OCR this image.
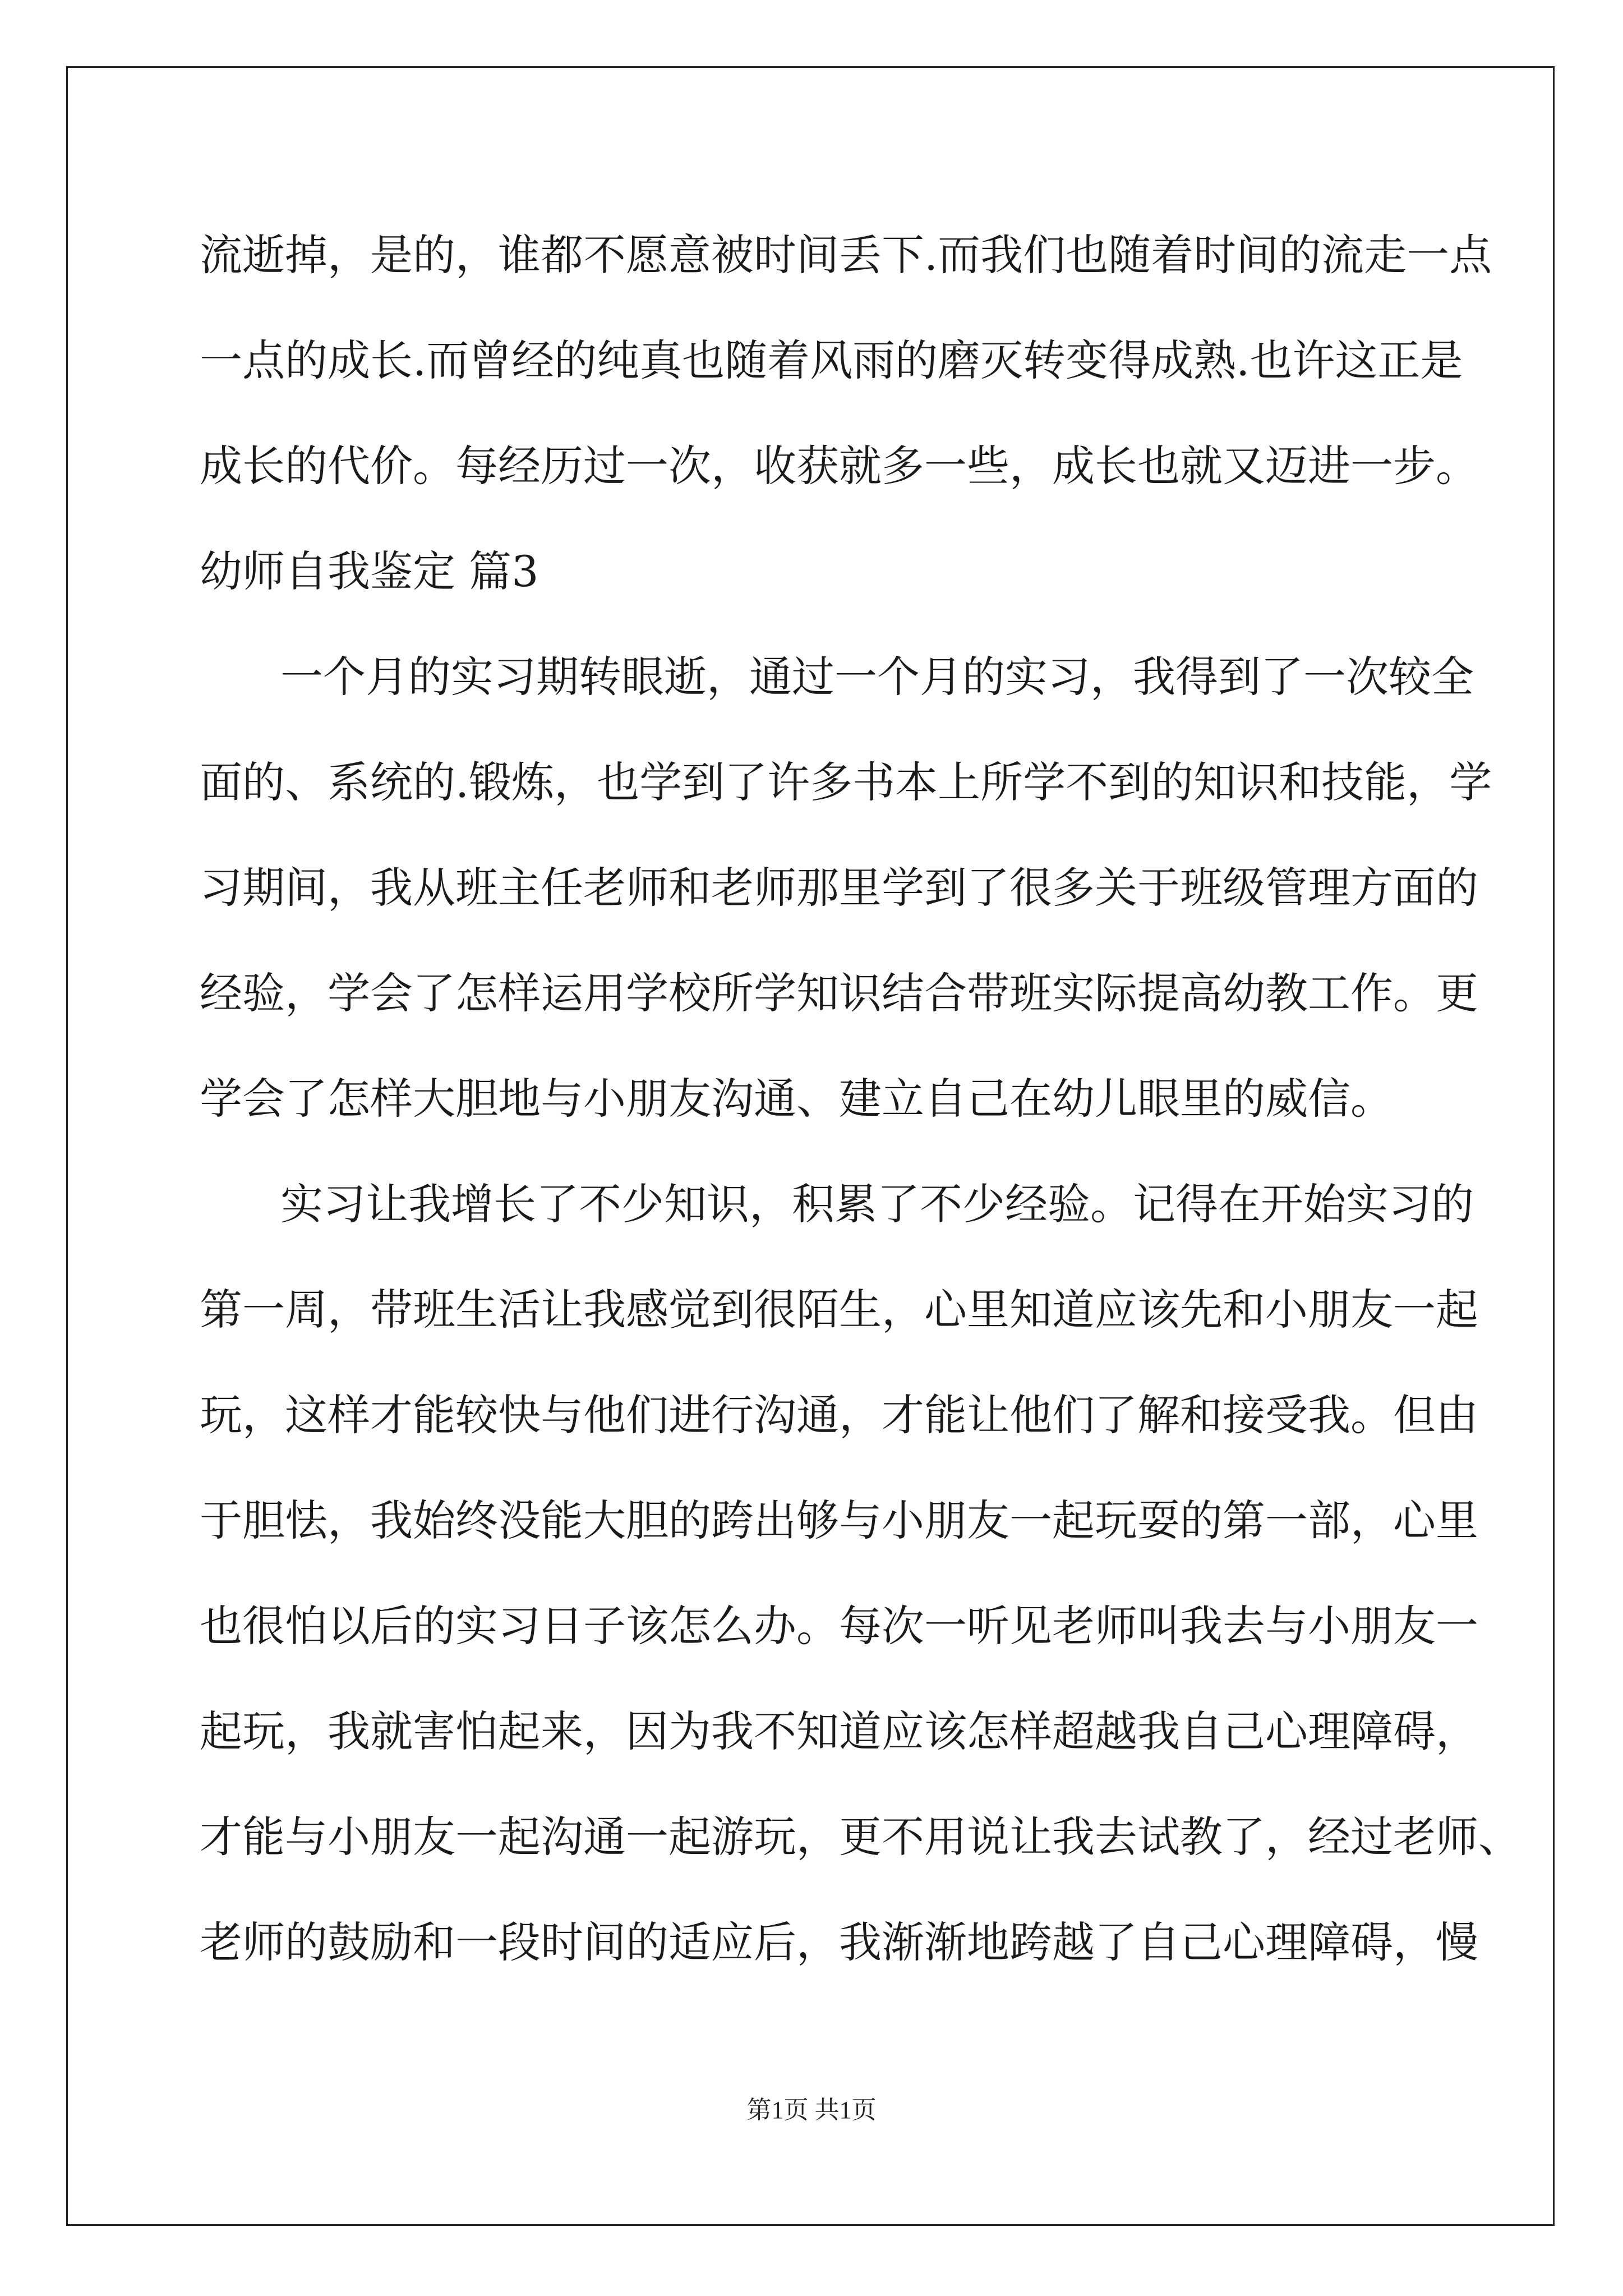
流逝掉，是的，谁都不愿意被时间丢下.而我们也随着时间的流走一点
一点的成长.而曾经的纯真也随着风雨的磨灭转变得成熟.也许这正是
成长的代价。每经历过一次，收获就多一些，成长也就又迈进一步。
幼师自我鉴定 篇3
一个月的实习期转眼逝，通过一个月的实习，我得到了一次较全
面的、系统的.锻炼，也学到了许多书本上所学不到的知识和技能，学
习期间，我从班主任老师和老师那里学到了很多关于班级管理方面的
经验，学会了怎样运用学校所学知识结合带班实际提高幼教工作。更
学会了怎样大胆地与小朋友沟通、建立自己在幼儿眼里的威信。
实习让我增长了不少知识，积累了不少经验。记得在开始实习的
第一周，带班生活让我感觉到很陌生，心里知道应该先和小朋友一起
玩，这样才能较快与他们进行沟通，才能让他们了解和接受我。但由
于胆怯，我始终没能大胆的跨出够与小朋友一起玩耍的第一部，心里
也很怕以后的实习日子该怎么办。每次一听见老师叫我去与小朋友一
起玩，我就害怕起来，因为我不知道应该怎样超越我自己心理障碍，
才能与小朋友一起沟通一起游玩，更不用说让我去试教了，经过老师、
老师的鼓励和一段时间的适应后，我渐渐地跨越了自己心理障碍，慢
第1页 共1页
